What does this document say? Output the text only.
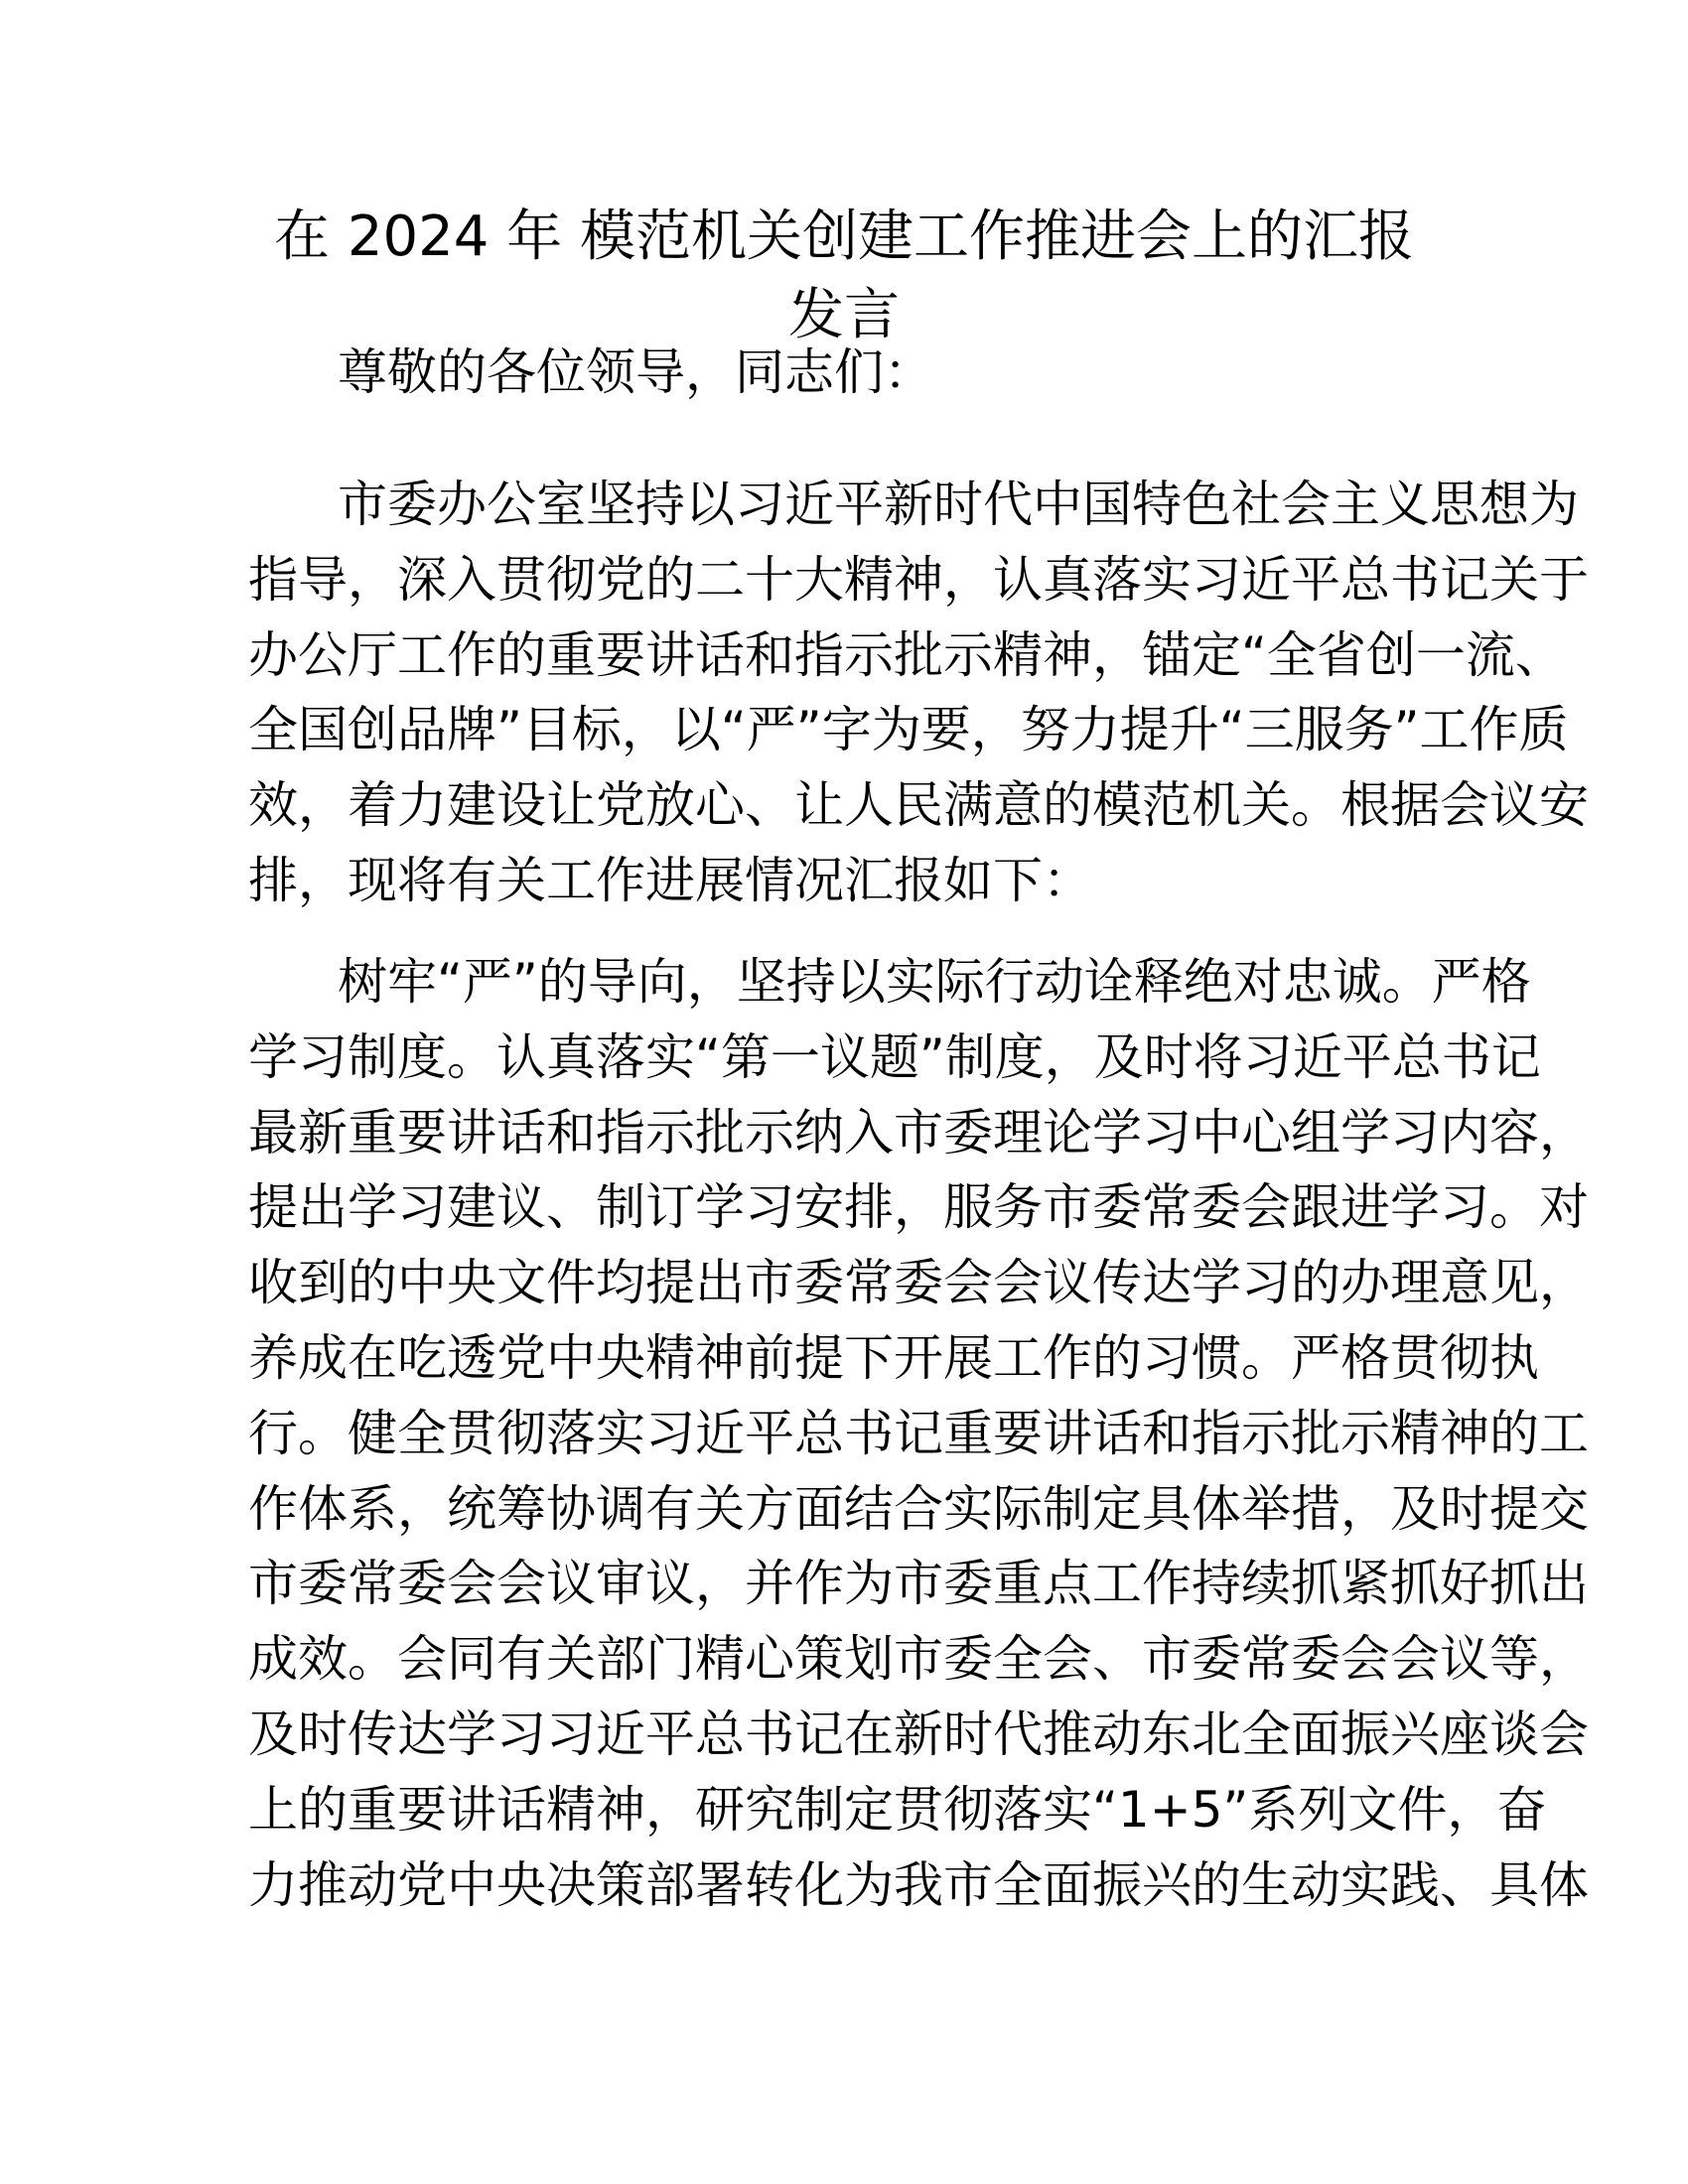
在 2024 年 模范机关创建工作推进会上的汇报
发言
尊敬的各位领导，同志们：
市委办公室坚持以习近平新时代中国特色社会主义思想为
指导，深入贯彻党的二十大精神，认真落实习近平总书记关于
办公厅工作的重要讲话和指示批示精神，锚定“全省创一流、
全国创品牌”目标，以“严”字为要，努力提升“三服务”工作质
效，着力建设让党放心、让人民满意的模范机关。根据会议安
排，现将有关工作进展情况汇报如下：
树牢“严”的导向，坚持以实际行动诠释绝对忠诚。严格
学习制度。认真落实“第一议题”制度，及时将习近平总书记
最新重要讲话和指示批示纳入市委理论学习中心组学习内容，
提出学习建议、制订学习安排，服务市委常委会跟进学习。对
收到的中央文件均提出市委常委会会议传达学习的办理意见，
养成在吃透党中央精神前提下开展工作的习惯。严格贯彻执
行。健全贯彻落实习近平总书记重要讲话和指示批示精神的工
作体系，统筹协调有关方面结合实际制定具体举措，及时提交
市委常委会会议审议，并作为市委重点工作持续抓紧抓好抓出
成效。会同有关部门精心策划市委全会、市委常委会会议等，
及时传达学习习近平总书记在新时代推动东北全面振兴座谈会
上的重要讲话精神，研究制定贯彻落实“1+5”系列文件，奋
力推动党中央决策部署转化为我市全面振兴的生动实践、具体
